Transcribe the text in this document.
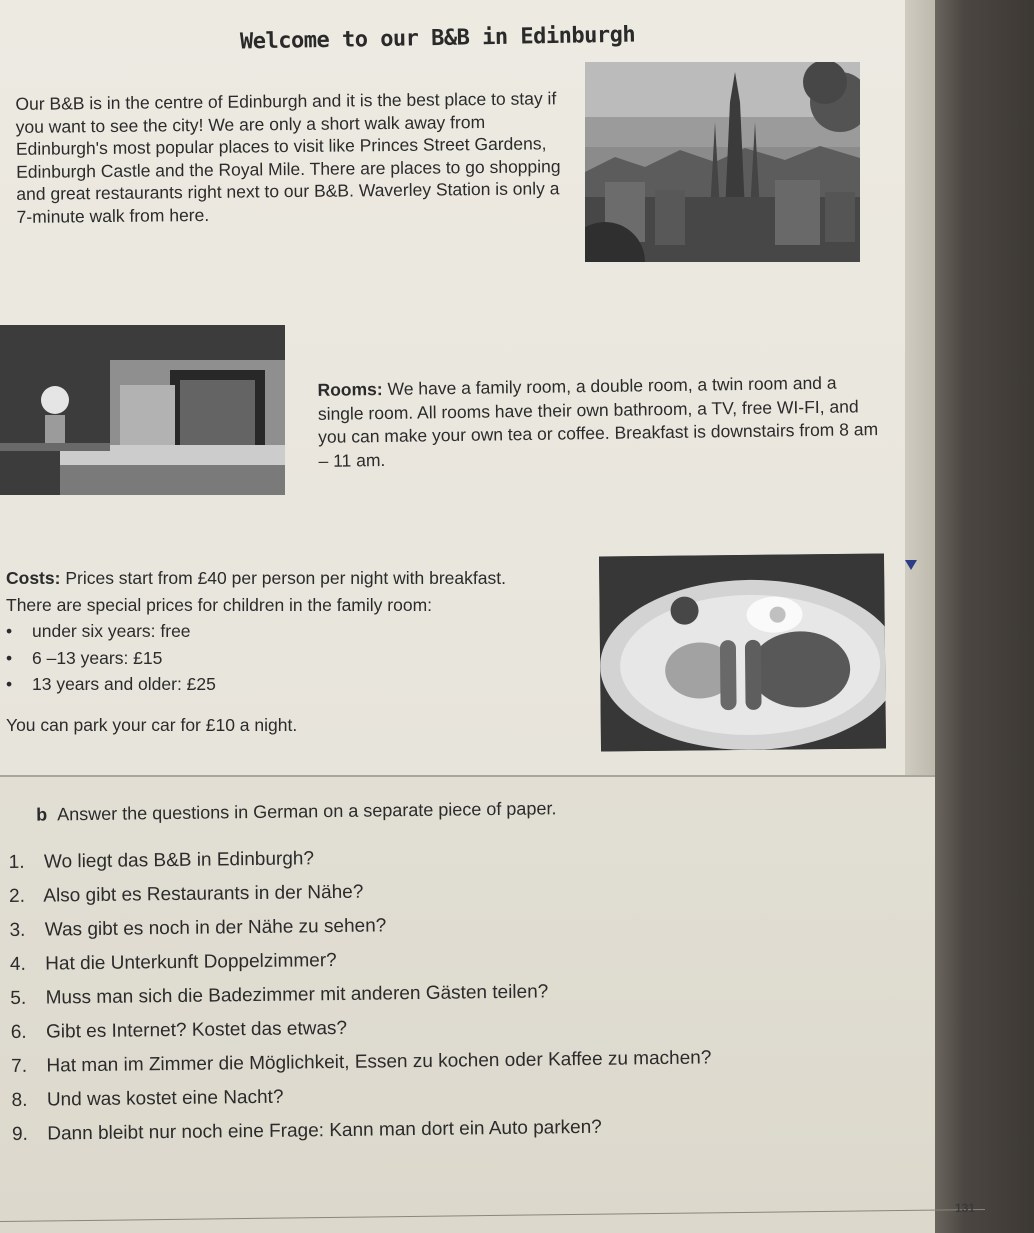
Welcome to our B&B in Edinburgh

Our B&B is in the centre of Edinburgh and it is the best place to stay if you want to see the city! We are only a short walk away from Edinburgh's most popular places to visit like Princes Street Gardens, Edinburgh Castle and the Royal Mile. There are places to go shopping and great restaurants right next to our B&B. Waverley Station is only a 7-minute walk from here.

Rooms: We have a family room, a double room, a twin room and a single room. All rooms have their own bathroom, a TV, free WI-FI, and you can make your own tea or coffee. Breakfast is downstairs from 8 am – 11 am.

Costs: Prices start from £40 per person per night with breakfast.
There are special prices for children in the family room:
• under six years: free
• 6 –13 years: £15
• 13 years and older: £25
You can park your car for £10 a night.

b Answer the questions in German on a separate piece of paper.

1. Wo liegt das B&B in Edinburgh?
2. Also gibt es Restaurants in der Nähe?
3. Was gibt es noch in der Nähe zu sehen?
4. Hat die Unterkunft Doppelzimmer?
5. Muss man sich die Badezimmer mit anderen Gästen teilen?
6. Gibt es Internet? Kostet das etwas?
7. Hat man im Zimmer die Möglichkeit, Essen zu kochen oder Kaffee zu machen?
8. Und was kostet eine Nacht?
9. Dann bleibt nur noch eine Frage: Kann man dort ein Auto parken?
131
